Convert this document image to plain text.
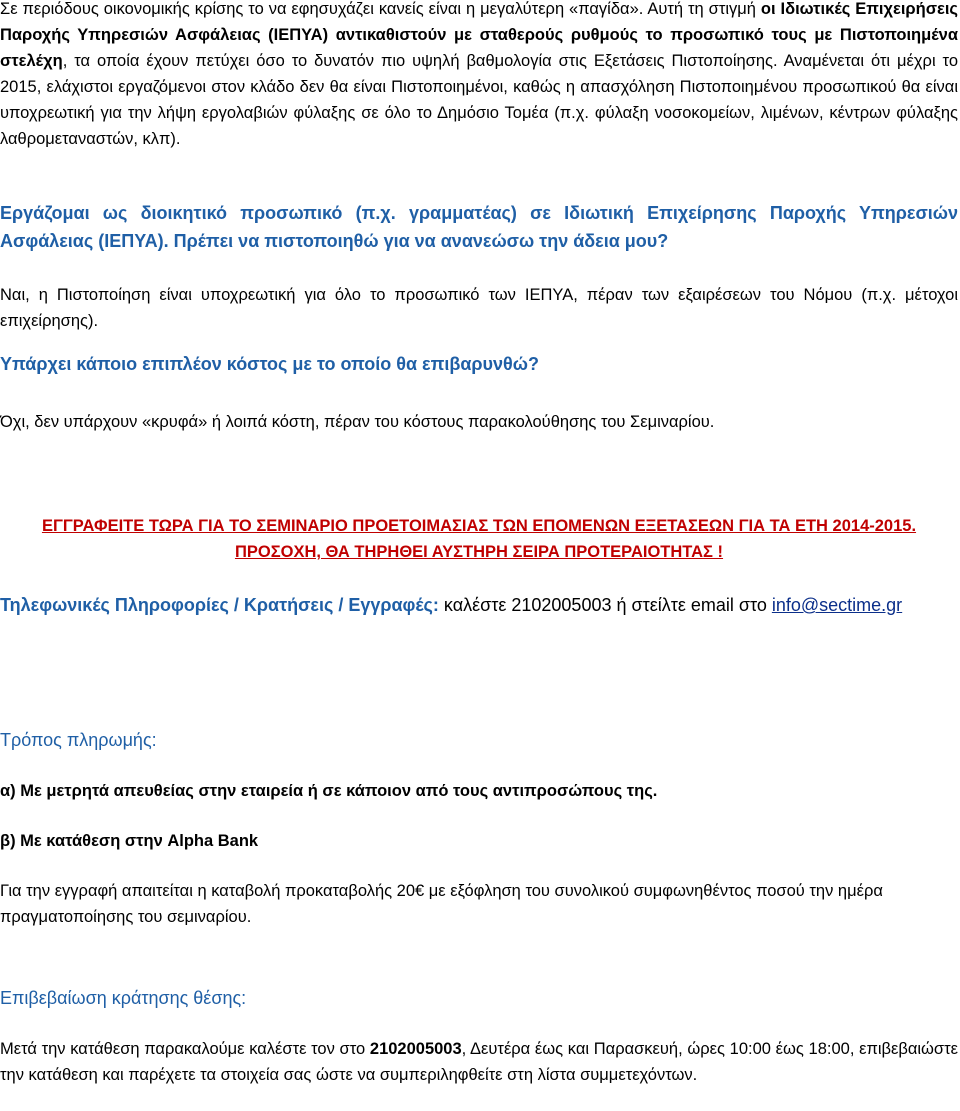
Σε περιόδους οικονομικής κρίσης το να εφησυχάζει κανείς είναι η μεγαλύτερη «παγίδα». Αυτή τη στιγμή οι Ιδιωτικές Επιχειρήσεις Παροχής Υπηρεσιών Ασφάλειας (ΙΕΠΥΑ) αντικαθιστούν με σταθερούς ρυθμούς το προσωπικό τους με Πιστοποιημένα στελέχη, τα οποία έχουν πετύχει όσο το δυνατόν πιο υψηλή βαθμολογία στις Εξετάσεις Πιστοποίησης. Αναμένεται ότι μέχρι το 2015, ελάχιστοι εργαζόμενοι στον κλάδο δεν θα είναι Πιστοποιημένοι, καθώς η απασχόληση Πιστοποιημένου προσωπικού θα είναι υποχρεωτική για την λήψη εργολαβιών φύλαξης σε όλο το Δημόσιο Τομέα (π.χ. φύλαξη νοσοκομείων, λιμένων, κέντρων φύλαξης λαθρομεταναστών, κλπ).

Εργάζομαι ως διοικητικό προσωπικό (π.χ. γραμματέας) σε Ιδιωτική Επιχείρησης Παροχής Υπηρεσιών Ασφάλειας (ΙΕΠΥΑ). Πρέπει να πιστοποιηθώ για να ανανεώσω την άδεια μου?

Ναι, η Πιστοποίηση είναι υποχρεωτική για όλο το προσωπικό των ΙΕΠΥΑ, πέραν των εξαιρέσεων του Νόμου (π.χ. μέτοχοι επιχείρησης).

Υπάρχει κάποιο επιπλέον κόστος με το οποίο θα επιβαρυνθώ?

Όχι, δεν υπάρχουν «κρυφά» ή λοιπά κόστη, πέραν του κόστους παρακολούθησης του Σεμιναρίου.

ΕΓΓΡΑΦΕΙΤΕ ΤΩΡΑ ΓΙΑ ΤΟ ΣΕΜΙΝΑΡΙΟ ΠΡΟΕΤΟΙΜΑΣΙΑΣ ΤΩΝ ΕΠΟΜΕΝΩΝ ΕΞΕΤΑΣΕΩΝ ΓΙΑ ΤΑ ΕΤΗ 2014-2015. ΠΡΟΣΟΧΗ, ΘΑ ΤΗΡΗΘΕΙ ΑΥΣΤΗΡΗ ΣΕΙΡΑ ΠΡΟΤΕΡΑΙΟΤΗΤΑΣ !

Τηλεφωνικές Πληροφορίες / Κρατήσεις / Εγγραφές: καλέστε 2102005003 ή στείλτε email στο info@sectime.gr

Τρόπος πληρωμής:

α) Με μετρητά απευθείας στην εταιρεία ή σε κάποιον από τους αντιπροσώπους της.

β) Με κατάθεση στην Alpha Bank

Για την εγγραφή απαιτείται η καταβολή προκαταβολής 20€ με εξόφληση του συνολικού συμφωνηθέντος ποσού την ημέρα πραγματοποίησης του σεμιναρίου.

Επιβεβαίωση κράτησης θέσης:

Μετά την κατάθεση παρακαλούμε καλέστε τον στο 2102005003, Δευτέρα έως και Παρασκευή, ώρες 10:00 έως 18:00, επιβεβαιώστε την κατάθεση και παρέχετε τα στοιχεία σας ώστε να συμπεριληφθείτε στη λίστα συμμετεχόντων.
